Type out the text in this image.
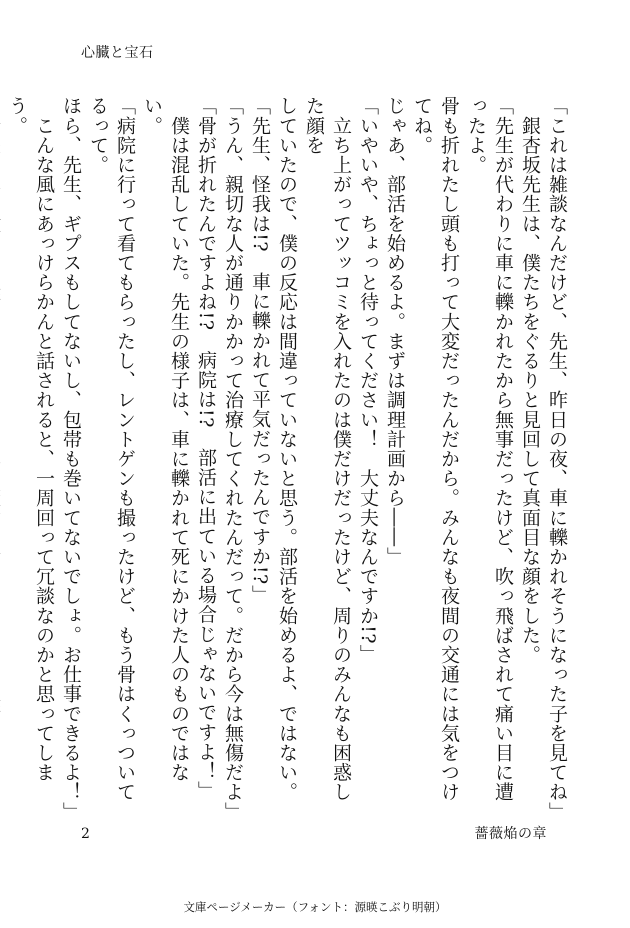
心臓と宝石

「これは雑談なんだけど、先生、昨日の夜、車に轢かれそうになった子を見てね」

　銀杏坂先生は、僕たちをぐるりと見回して真面目な顔をした。

「先生が代わりに車に轢かれたから無事だったけど、吹っ飛ばされて痛い目に遭ったよ。

骨も折れたし頭も打って大変だったんだから。みんなも夜間の交通には気をつけてね。

じゃあ、部活を始めるよ。まずは調理計画から――」

「いやいや、ちょっと待ってください！　大丈夫なんですか!?」

　立ち上がってツッコミを入れたのは僕だけだったけど、周りのみんなも困惑した顔を

していたので、僕の反応は間違っていないと思う。部活を始めるよ、ではない。

「先生、怪我は!?　車に轢かれて平気だったんですか!?」

「うん、親切な人が通りかかって治療してくれたんだって。だから今は無傷だよ」

「骨が折れたんですよね!?　病院は!?　部活に出ている場合じゃないですよ！」

　僕は混乱していた。先生の様子は、車に轢かれて死にかけた人のものではない。

「病院に行って看てもらったし、レントゲンも撮ったけど、もう骨はくっついてるって。

ほら、先生、ギプスもしてないし、包帯も巻いてないでしょ。お仕事できるよ！」

　こんな風にあっけらかんと話されると、一周回って冗談なのかと思ってしまう。

2	薔薇焔の章
文庫ページメーカー（フォント：源暎こぶり明朝）
